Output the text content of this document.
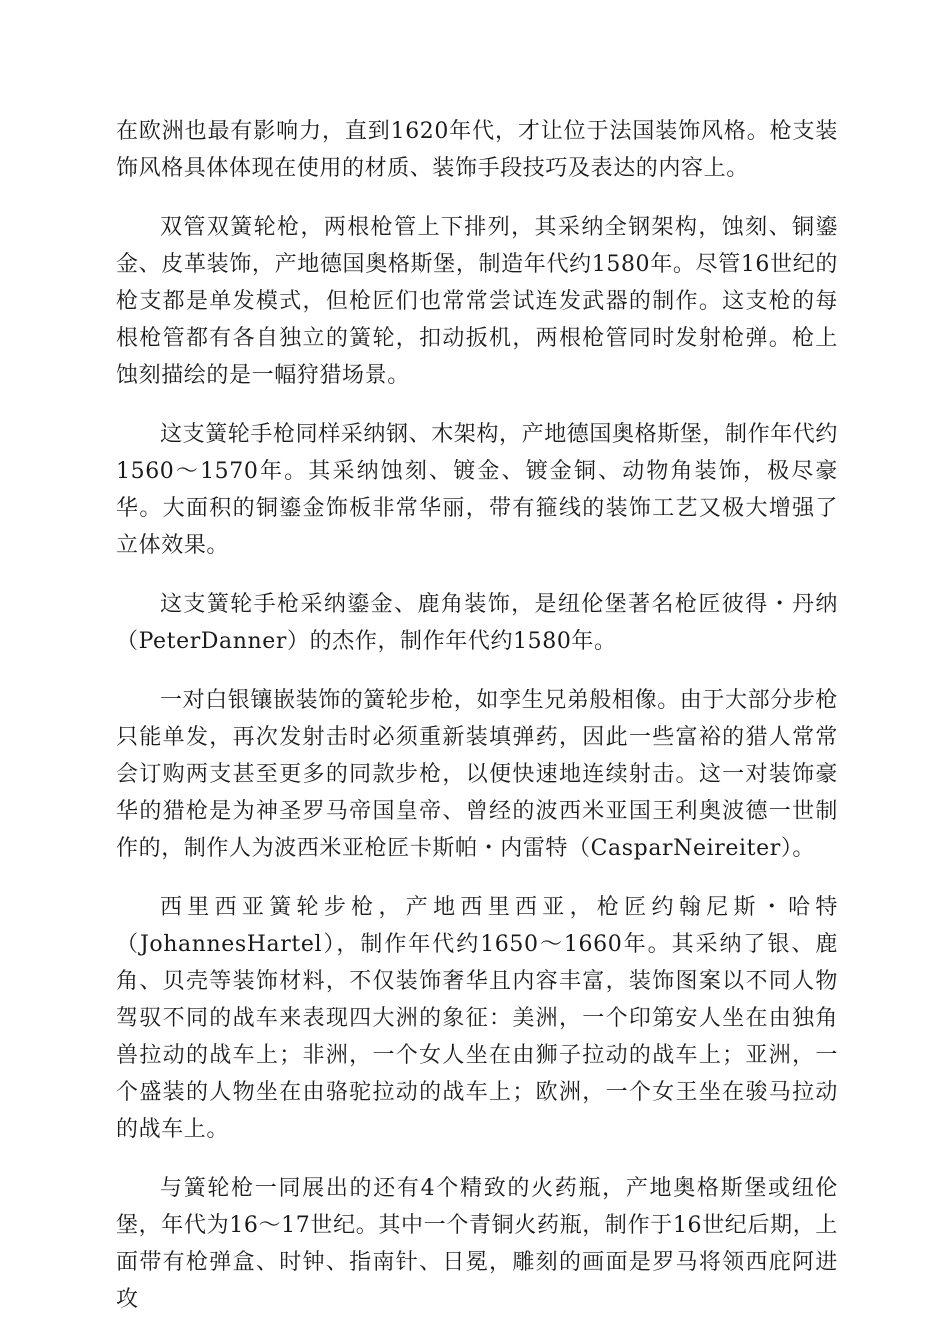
在欧洲也最有影响力，直到1620年代，才让位于法国装饰风格。枪支装饰风格具体体现在使用的材质、装饰手段技巧及表达的内容上。

双管双簧轮枪，两根枪管上下排列，其采纳全钢架构，蚀刻、铜鎏金、皮革装饰，产地德国奥格斯堡，制造年代约1580年。尽管16世纪的枪支都是单发模式，但枪匠们也常常尝试连发武器的制作。这支枪的每根枪管都有各自独立的簧轮，扣动扳机，两根枪管同时发射枪弹。枪上蚀刻描绘的是一幅狩猎场景。

这支簧轮手枪同样采纳钢、木架构，产地德国奥格斯堡，制作年代约1560～1570年。其采纳蚀刻、镀金、镀金铜、动物角装饰，极尽豪华。大面积的铜鎏金饰板非常华丽，带有箍线的装饰工艺又极大增强了立体效果。

这支簧轮手枪采纳鎏金、鹿角装饰，是纽伦堡著名枪匠彼得・丹纳（PeterDanner）的杰作，制作年代约1580年。

一对白银镶嵌装饰的簧轮步枪，如孪生兄弟般相像。由于大部分步枪只能单发，再次发射击时必须重新装填弹药，因此一些富裕的猎人常常会订购两支甚至更多的同款步枪，以便快速地连续射击。这一对装饰豪华的猎枪是为神圣罗马帝国皇帝、曾经的波西米亚国王利奥波德一世制作的，制作人为波西米亚枪匠卡斯帕・内雷特（CasparNeireiter）。

西里西亚簧轮步枪，产地西里西亚，枪匠约翰尼斯・哈特（JohannesHartel），制作年代约1650～1660年。其采纳了银、鹿角、贝壳等装饰材料，不仅装饰奢华且内容丰富，装饰图案以不同人物驾驭不同的战车来表现四大洲的象征：美洲，一个印第安人坐在由独角兽拉动的战车上；非洲，一个女人坐在由狮子拉动的战车上；亚洲，一个盛装的人物坐在由骆驼拉动的战车上；欧洲，一个女王坐在骏马拉动的战车上。

与簧轮枪一同展出的还有4个精致的火药瓶，产地奥格斯堡或纽伦堡，年代为16～17世纪。其中一个青铜火药瓶，制作于16世纪后期，上面带有枪弹盒、时钟、指南针、日冕，雕刻的画面是罗马将领西庇阿进攻
